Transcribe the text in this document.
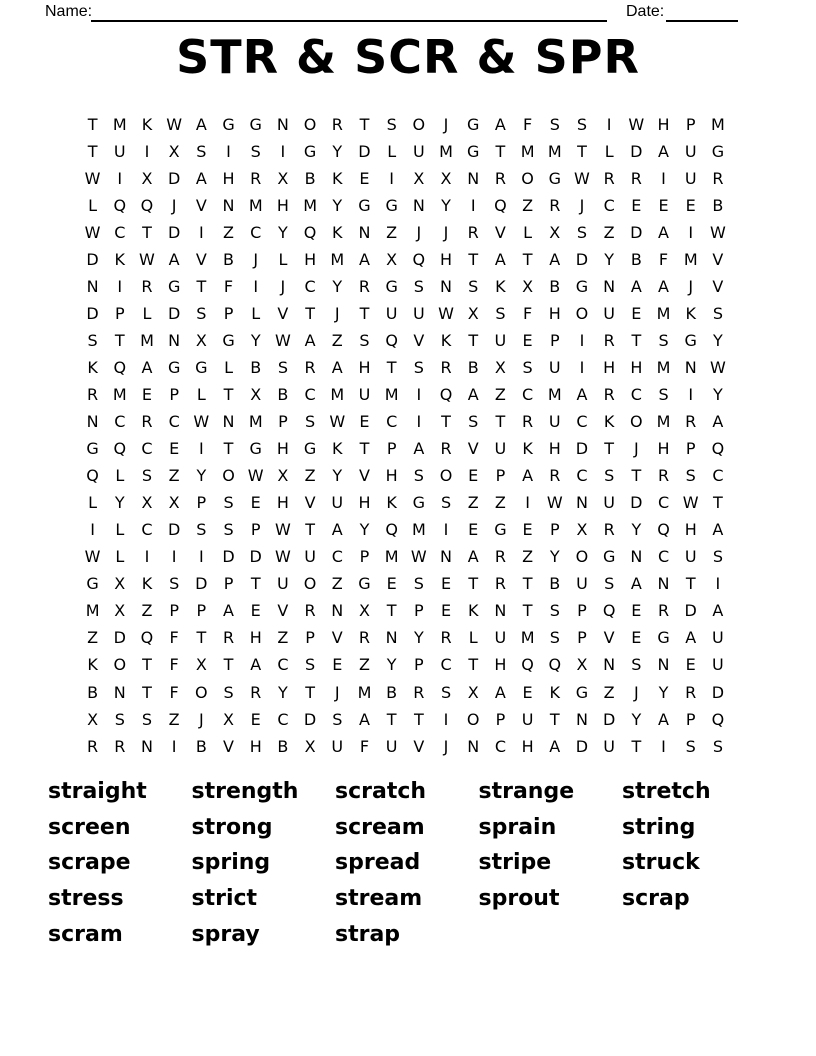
Name:	Date:
STR & SCR & SPR
T M K W A G G N O R	T	S O	J	G A	F	S	S	I	W H	P M
T	U	I	X	S	I	S	I	G	Y	D	L	U M G	T M M T	L	D A U G
W	I	X D A H R	X	B	K	E	I	X	X N R O G W R	R	I	U R
L	Q Q	J	V N M H M Y	G G N	Y	I	Q Z	R	J	C	E	E	E	B
W C	T	D	I	Z	C	Y	Q K N Z	J	J	R	V	L	X	S	Z D A	I	W
D K W A	V	B	J	L	H M A	X Q H	T	A	T	A D	Y	B	F M V
N	I	R G	T	F	I	J	C	Y	R G S	N	S	K	X	B G N A	A	J	V
D	P	L	D S	P	L	V	T	J	T	U U W X	S	F	H O U	E M K	S
S	T M N X G	Y W A	Z	S Q V	K	T	U	E	P	I	R	T	S G	Y
K Q A G G	L	B	S	R	A H	T	S	R	B	X	S	U	I	H H M N W
R M E	P	L	T	X	B	C M U M	I	Q A	Z	C M A	R	C	S	I	Y
N C	R	C W N M P	S W E	C	I	T	S	T	R U C	K O M R	A
G Q C	E	I	T	G H G K	T	P	A	R	V U	K H D	T	J	H	P	Q
Q	L	S	Z	Y	O W X	Z	Y	V H	S O E	P	A	R	C	S	T	R	S	C
L	Y	X	X	P	S	E	H V U H K G S	Z	Z	I	W N U D C W T
I	L	C D S	S	P W T	A	Y	Q M	I	E G E	P	X	R	Y	Q H A
W L	I	I	I	D D W U C	P M W N A	R	Z	Y	O G N C U	S
G X	K	S D	P	T	U O Z G E	S	E	T	R	T	B U	S	A N	T	I
M X	Z	P	P	A	E	V	R N X	T	P	E	K N	T	S	P	Q E	R D A
Z D Q	F	T	R H Z	P	V	R N	Y	R	L	U M S	P	V	E G A U
K O	T	F	X	T	A	C	S	E	Z	Y	P	C	T	H Q Q X N	S	N	E	U
B N	T	F	O S	R	Y	T	J	M B	R	S	X	A	E	K G Z	J	Y	R D
X	S	S	Z	J	X	E	C D S	A	T	T	I	O	P	U	T	N D	Y	A	P	Q
R	R N	I	B	V H B	X U	F	U V	J	N C H A D U	T	I	S	S
straight	strength	scratch	strange	stretch
screen	strong	scream	sprain	string
scrape	spring	spread	stripe	struck
stress	strict	stream	sprout	scrap
scram	spray	strap
